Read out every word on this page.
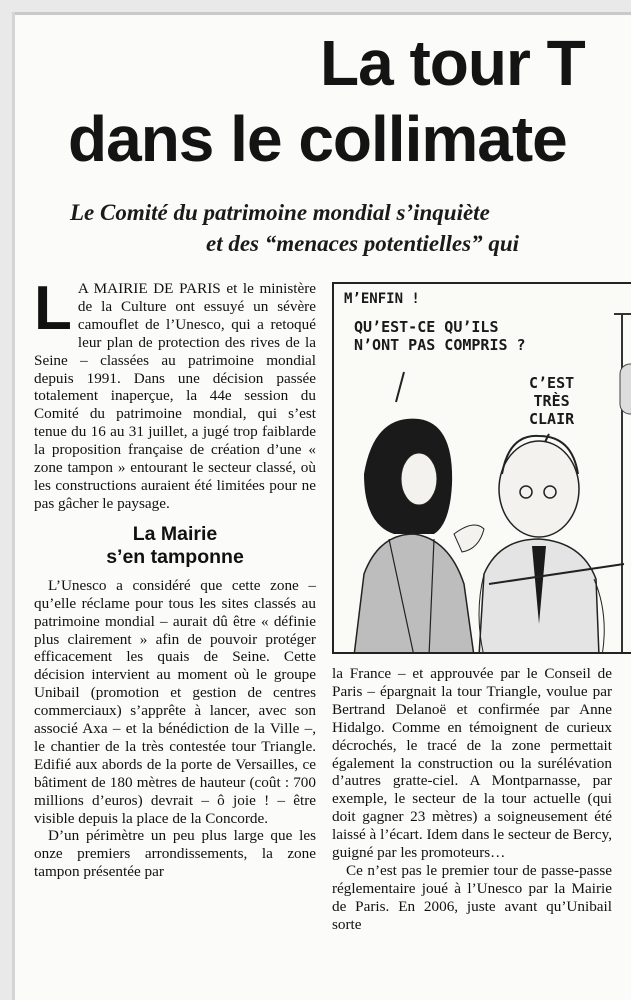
La tour T
dans le collimate
Le Comité du patrimoine mondial s’inquiète
et des “menaces potentielles” qui

L A MAIRIE DE PARIS et le ministère de la Culture ont essuyé un sévère camouflet de l’Unesco, qui a retoqué leur plan de protection des rives de la Seine – classées au patrimoine mondial depuis 1991. Dans une décision passée totalement inaperçue, la 44e session du Comité du patrimoine mondial, qui s’est tenue du 16 au 31 juillet, a jugé trop faiblarde la proposition française de création d’une « zone tampon » entourant le secteur classé, où les constructions auraient été limitées pour ne pas gâcher le paysage.

La Mairie
s’en tamponne

L’Unesco a considéré que cette zone – qu’elle réclame pour tous les sites classés au patrimoine mondial – aurait dû être « définie plus clairement » afin de pouvoir protéger efficacement les quais de Seine. Cette décision intervient au moment où le groupe Unibail (promotion et gestion de centres commerciaux) s’apprête à lancer, avec son associé Axa – et la bénédiction de la Ville –, le chantier de la très contestée tour Triangle. Edifié aux abords de la porte de Versailles, ce bâtiment de 180 mètres de hauteur (coût : 700 millions d’euros) devrait – ô joie ! – être visible depuis la place de la Concorde.

D’un périmètre un peu plus large que les onze premiers arrondissements, la zone tampon présentée par

M’ENFIN !
QU’EST-CE QU’ILS
N’ONT PAS COMPRIS ?
C’EST
TRÈS
CLAIR

la France – et approuvée par le Conseil de Paris – épargnait la tour Triangle, voulue par Bertrand Delanoë et confirmée par Anne Hidalgo. Comme en témoignent de curieux décrochés, le tracé de la zone permettait également la construction ou la surélévation d’autres gratte-ciel. A Montparnasse, par exemple, le secteur de la tour actuelle (qui doit gagner 23 mètres) a soigneusement été laissé à l’écart. Idem dans le secteur de Bercy, guigné par les promoteurs…

Ce n’est pas le premier tour de passe-passe réglementaire joué à l’Unesco par la Mairie de Paris. En 2006, juste avant qu’Unibail sorte
